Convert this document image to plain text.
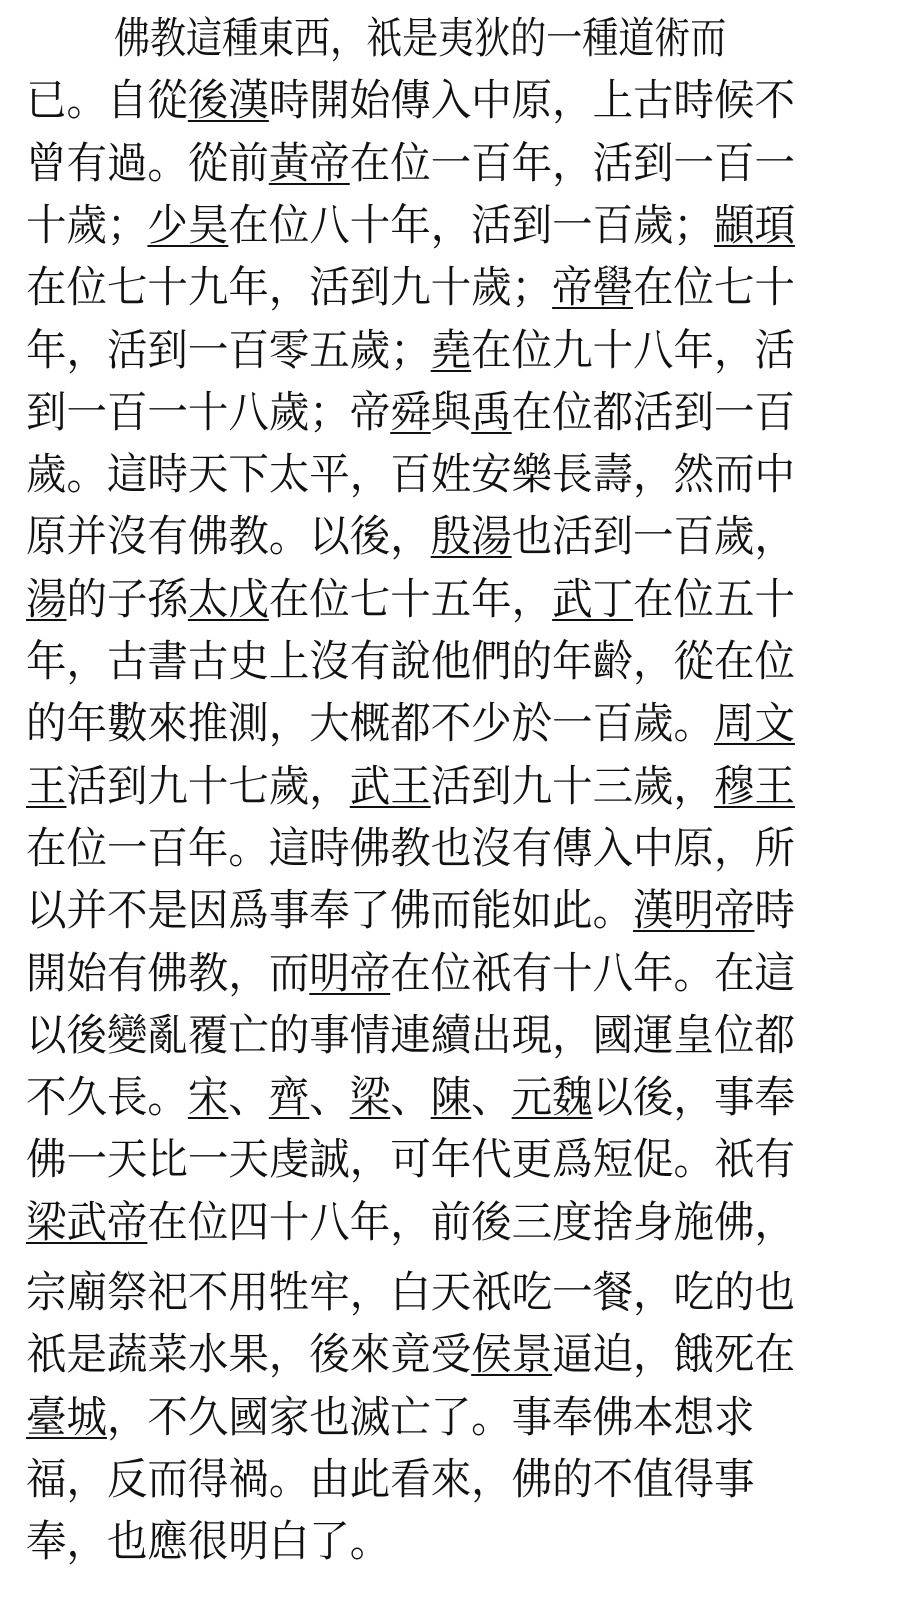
佛教這種東西，祇是夷狄的一種道術而
已。自從後漢時開始傳入中原，上古時候不
曾有過。從前黃帝在位一百年，活到一百一
十歲；少昊在位八十年，活到一百歲；顓頊
在位七十九年，活到九十歲；帝嚳在位七十
年，活到一百零五歲；堯在位九十八年，活
到一百一十八歲；帝舜與禹在位都活到一百
歲。這時天下太平，百姓安樂長壽，然而中
原并沒有佛教。以後，殷湯也活到一百歲，
湯的子孫太戊在位七十五年，武丁在位五十
年，古書古史上沒有說他們的年齡，從在位
的年數來推測，大概都不少於一百歲。周文
王活到九十七歲，武王活到九十三歲，穆王
在位一百年。這時佛教也沒有傳入中原，所
以并不是因爲事奉了佛而能如此。漢明帝時
開始有佛教，而明帝在位祇有十八年。在這
以後變亂覆亡的事情連續出現，國運皇位都
不久長。宋、齊、梁、陳、元魏以後，事奉
佛一天比一天虔誠，可年代更爲短促。祇有
梁武帝在位四十八年，前後三度捨身施佛，
宗廟祭祀不用牲牢，白天祇吃一餐，吃的也
祇是蔬菜水果，後來竟受侯景逼迫，餓死在
臺城，不久國家也滅亡了。事奉佛本想求
福，反而得禍。由此看來，佛的不值得事
奉，也應很明白了。
